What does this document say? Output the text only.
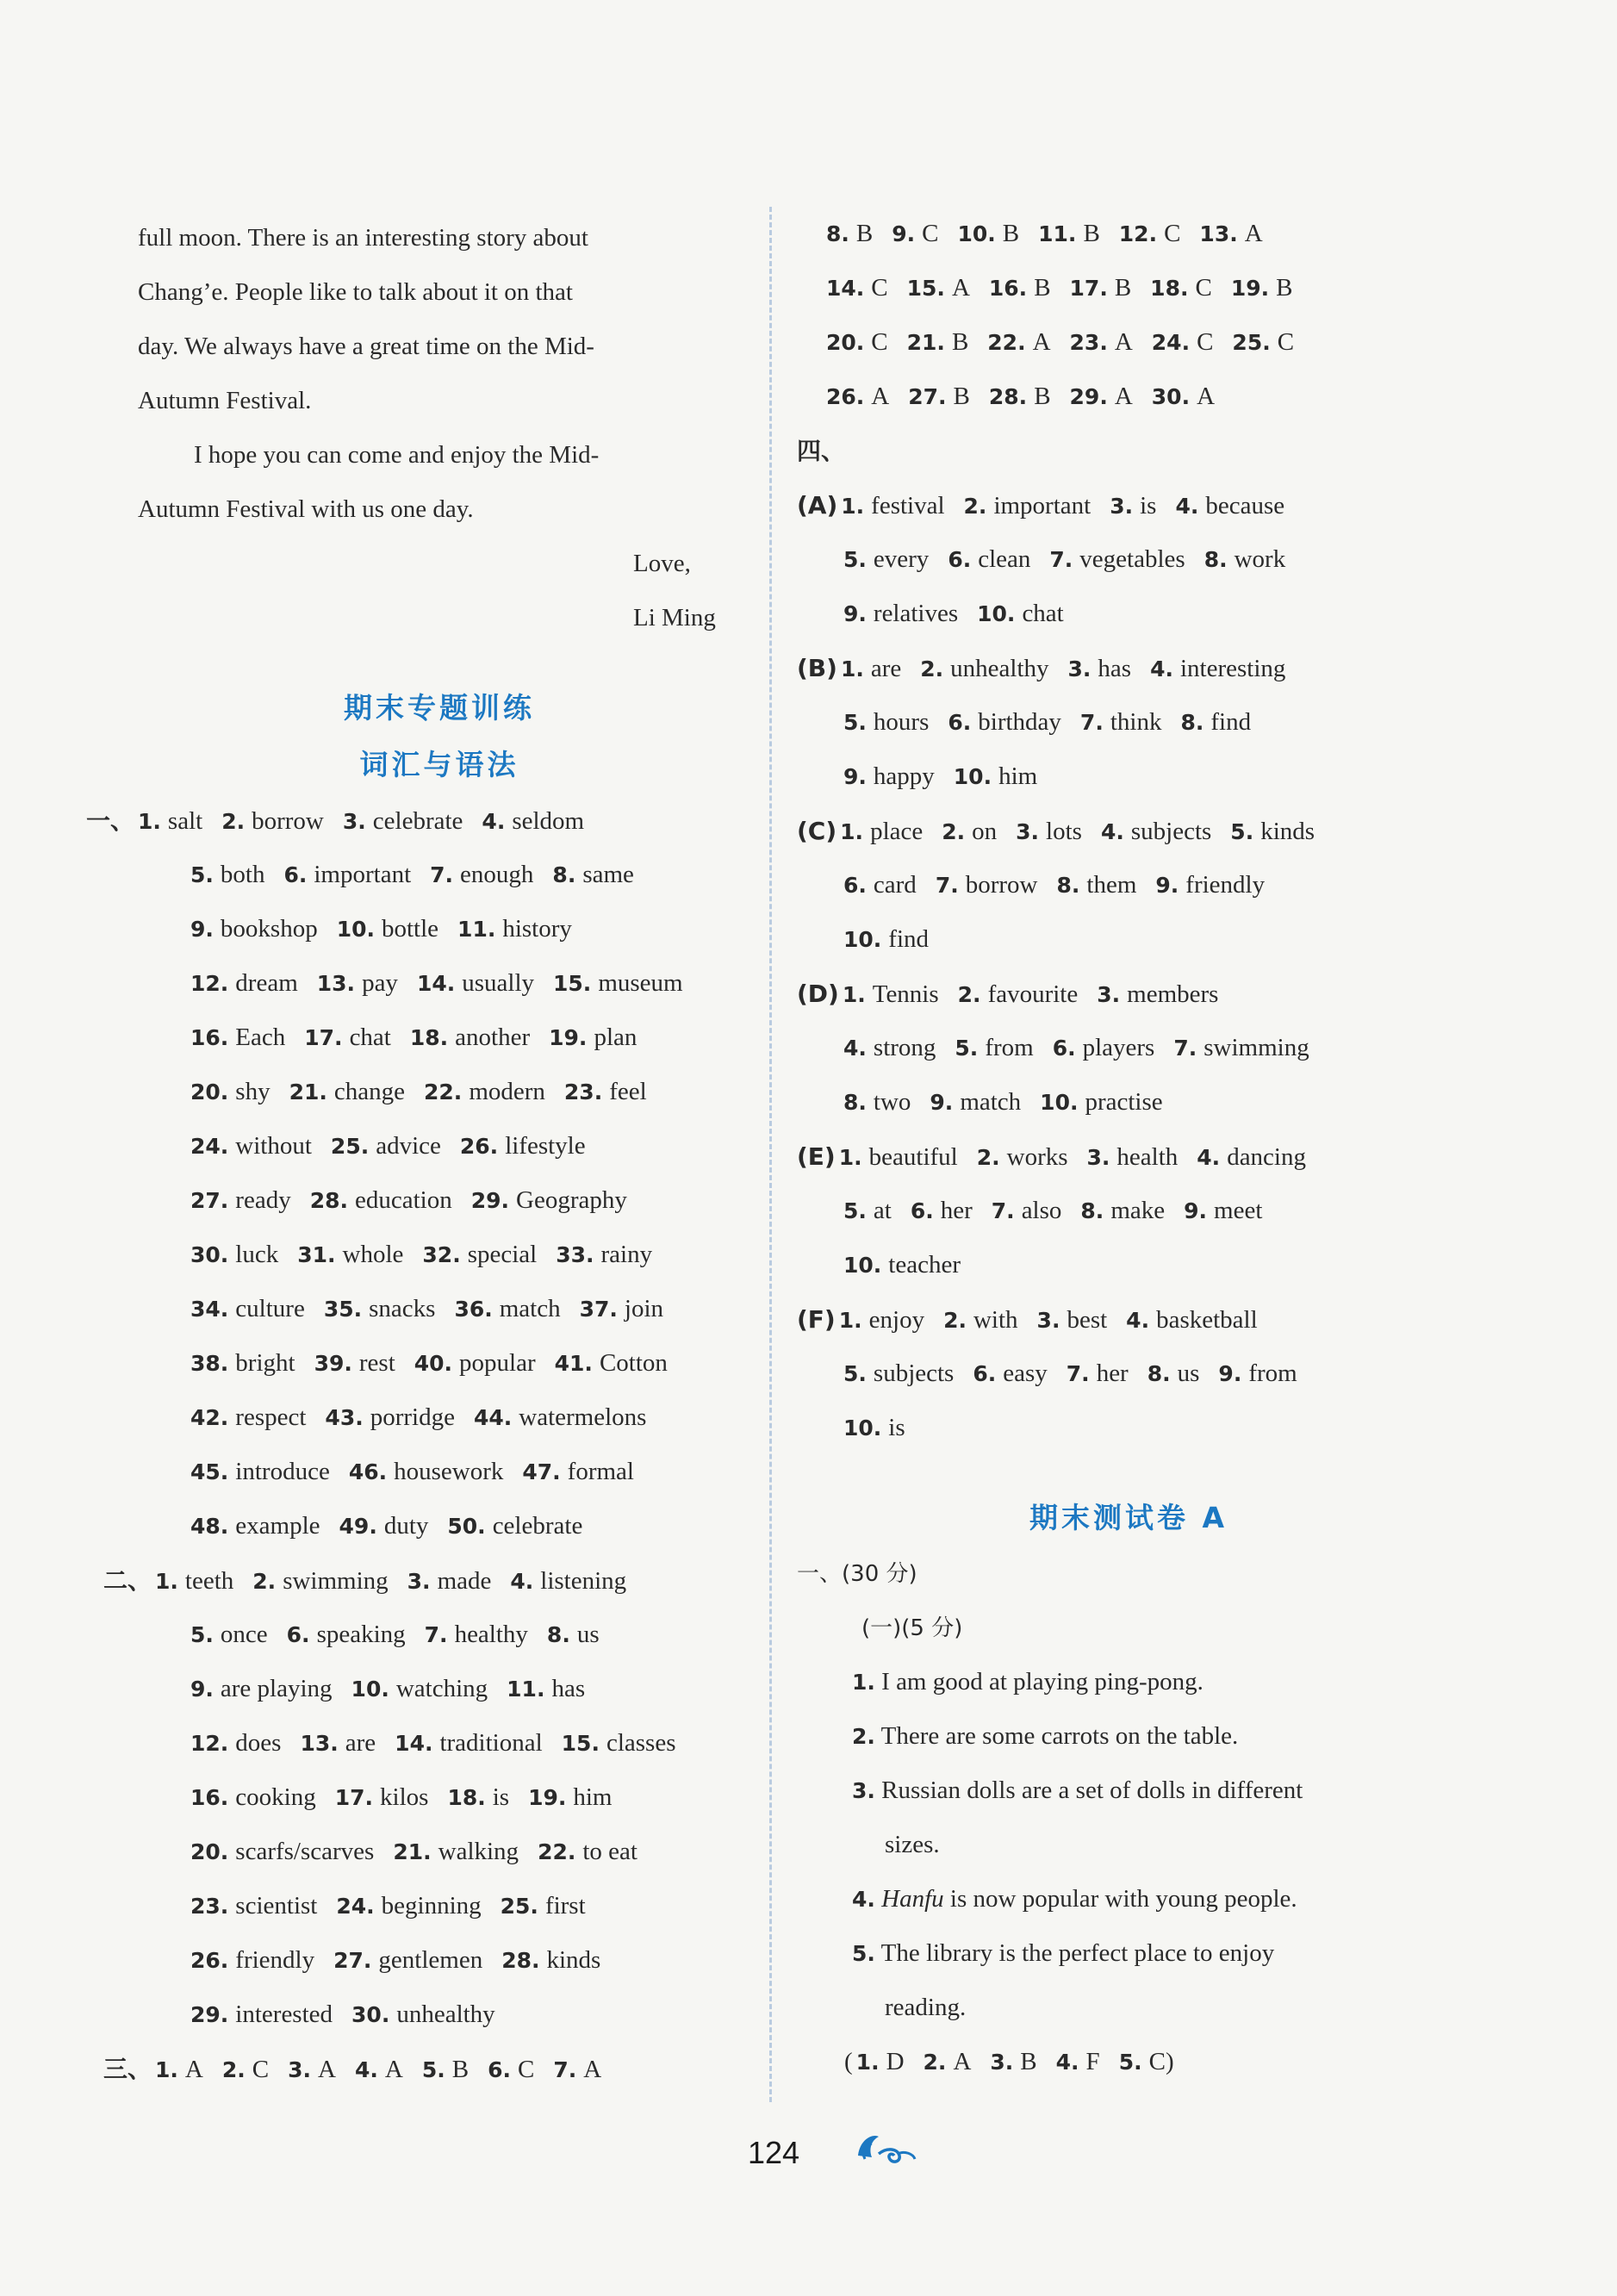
full moon. There is an interesting story about
Chang’e. People like to talk about it on that
day. We always have a great time on the Mid-
Autumn Festival.
I hope you can come and enjoy the Mid-
Autumn Festival with us one day.
Love,
Li Ming
期末专题训练
词汇与语法
一、 1. salt 2. borrow 3. celebrate 4. seldom
5. both 6. important 7. enough 8. same
9. bookshop 10. bottle 11. history
12. dream 13. pay 14. usually 15. museum
16. Each 17. chat 18. another 19. plan
20. shy 21. change 22. modern 23. feel
24. without 25. advice 26. lifestyle
27. ready 28. education 29. Geography
30. luck 31. whole 32. special 33. rainy
34. culture 35. snacks 36. match 37. join
38. bright 39. rest 40. popular 41. Cotton
42. respect 43. porridge 44. watermelons
45. introduce 46. housework 47. formal
48. example 49. duty 50. celebrate
二、 1. teeth 2. swimming 3. made 4. listening
5. once 6. speaking 7. healthy 8. us
9. are playing 10. watching 11. has
12. does 13. are 14. traditional 15. classes
16. cooking 17. kilos 18. is 19. him
20. scarfs/scarves 21. walking 22. to eat
23. scientist 24. beginning 25. first
26. friendly 27. gentlemen 28. kinds
29. interested 30. unhealthy
三、 1. A 2. C 3. A 4. A 5. B 6. C 7. A
8. B 9. C 10. B 11. B 12. C 13. A
14. C 15. A 16. B 17. B 18. C 19. B
20. C 21. B 22. A 23. A 24. C 25. C
26. A 27. B 28. B 29. A 30. A
四、
(A) 1. festival 2. important 3. is 4. because
5. every 6. clean 7. vegetables 8. work
9. relatives 10. chat
(B) 1. are 2. unhealthy 3. has 4. interesting
5. hours 6. birthday 7. think 8. find
9. happy 10. him
(C) 1. place 2. on 3. lots 4. subjects 5. kinds
6. card 7. borrow 8. them 9. friendly
10. find
(D) 1. Tennis 2. favourite 3. members
4. strong 5. from 6. players 7. swimming
8. two 9. match 10. practise
(E) 1. beautiful 2. works 3. health 4. dancing
5. at 6. her 7. also 8. make 9. meet
10. teacher
(F) 1. enjoy 2. with 3. best 4. basketball
5. subjects 6. easy 7. her 8. us 9. from
10. is
期末测试卷 A
一、(30 分)
(一)(5 分)
1. I am good at playing ping-pong.
2. There are some carrots on the table.
3. Russian dolls are a set of dolls in different
sizes.
4. Hanfu is now popular with young people.
5. The library is the perfect place to enjoy
reading.
( 1. D 2. A 3. B 4. F 5. C)
124
